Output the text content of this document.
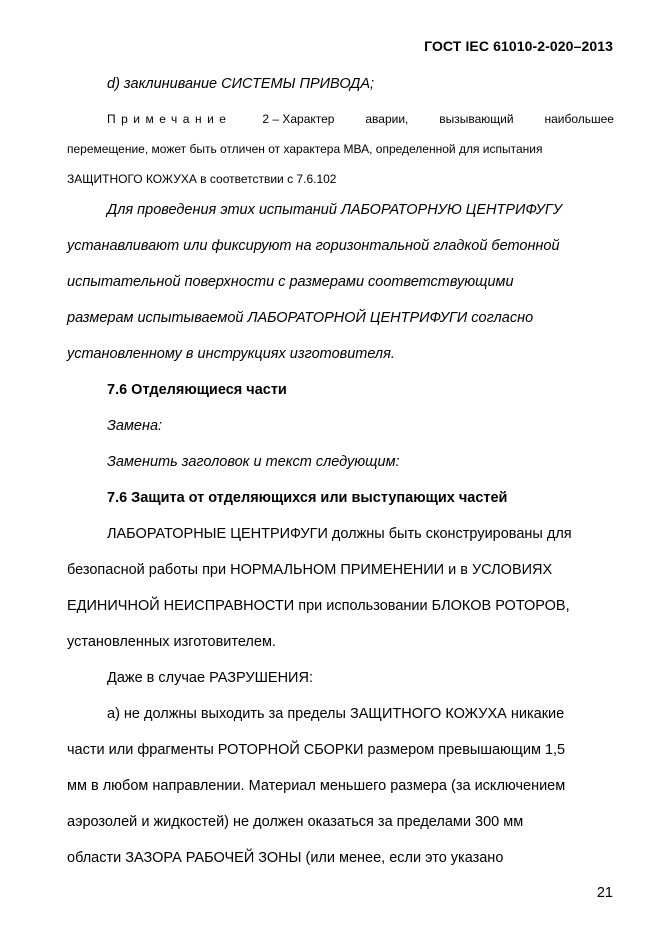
ГОСТ IEC 61010-2-020–2013
d) заклинивание СИСТЕМЫ ПРИВОДА;
Примечание	2 – Характер	аварии,	вызывающий	наибольшее
перемещение, может быть отличен от характера МВА, определенной для испытания
ЗАЩИТНОГО КОЖУХА в соответствии с 7.6.102
Для проведения этих испытаний ЛАБОРАТОРНУЮ ЦЕНТРИФУГУ
устанавливают или фиксируют на горизонтальной гладкой бетонной
испытательной поверхности с размерами соответствующими
размерам испытываемой ЛАБОРАТОРНОЙ ЦЕНТРИФУГИ согласно
установленному в инструкциях изготовителя.
7.6 Отделяющиеся части
Замена:
Заменить заголовок и текст следующим:
7.6 Защита от отделяющихся или выступающих частей
ЛАБОРАТОРНЫЕ ЦЕНТРИФУГИ должны быть сконструированы для
безопасной работы при НОРМАЛЬНОМ ПРИМЕНЕНИИ и в УСЛОВИЯХ
ЕДИНИЧНОЙ НЕИСПРАВНОСТИ при использовании БЛОКОВ РОТОРОВ,
установленных изготовителем.
Даже в случае РАЗРУШЕНИЯ:
а) не должны выходить за пределы ЗАЩИТНОГО КОЖУХА никакие
части или фрагменты РОТОРНОЙ СБОРКИ размером превышающим 1,5
мм в любом направлении. Материал меньшего размера (за исключением
аэрозолей и жидкостей) не должен оказаться за пределами 300 мм
области ЗАЗОРА РАБОЧЕЙ ЗОНЫ (или менее, если это указано
21
